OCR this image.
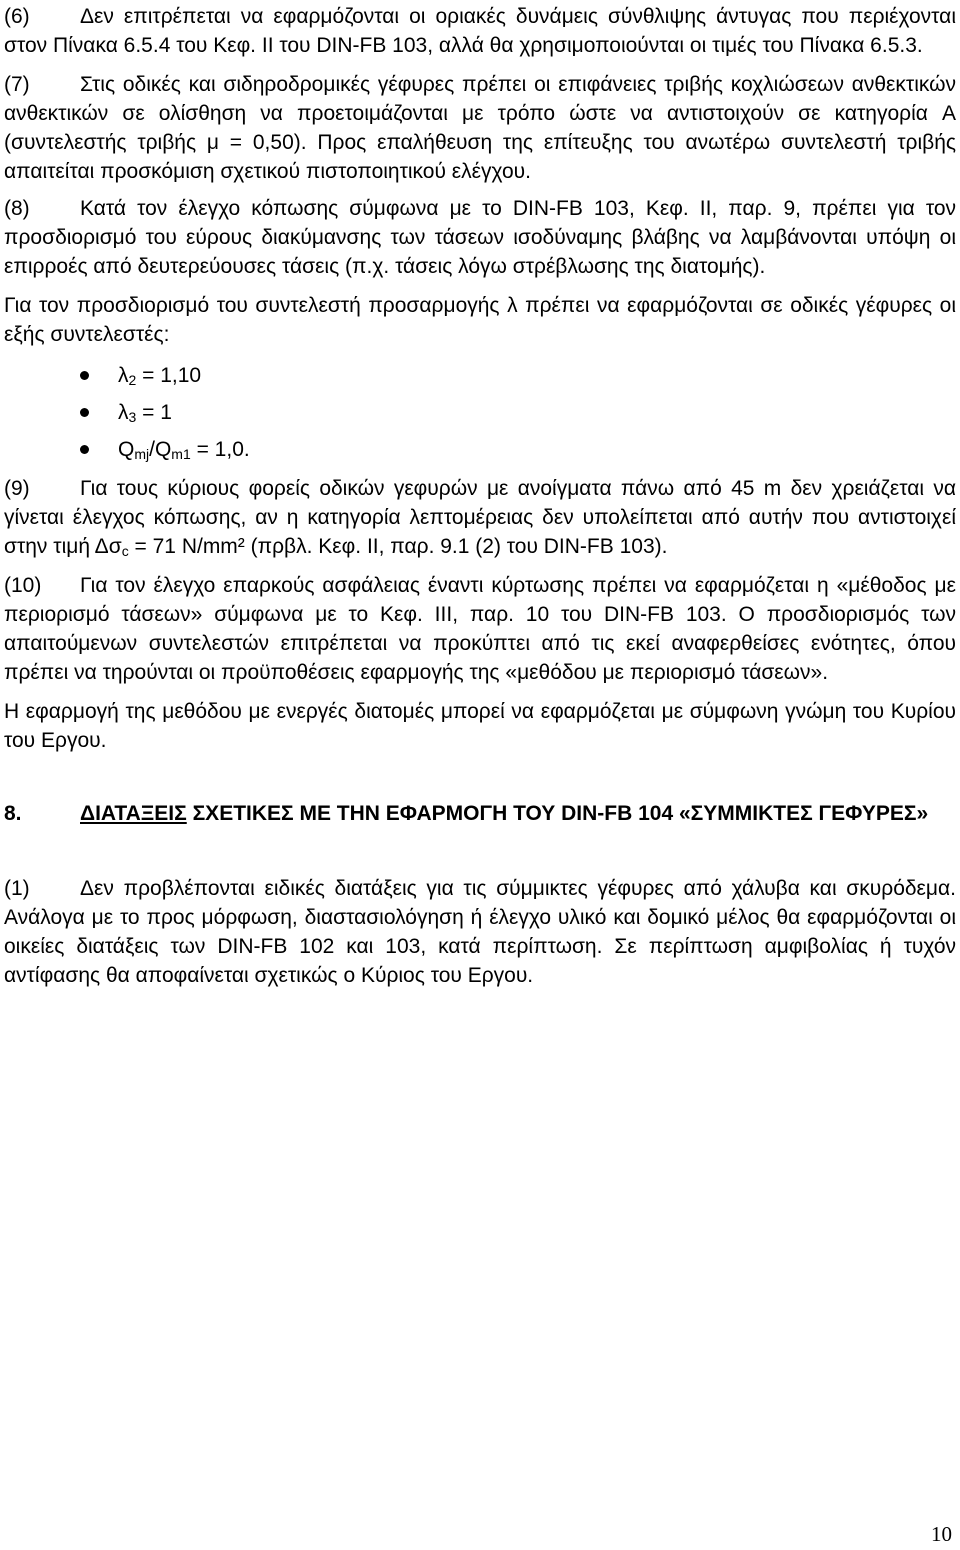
(6) Δεν επιτρέπεται να εφαρμόζονται οι οριακές δυνάμεις σύνθλιψης άντυγας που περιέχονται στον Πίνακα 6.5.4 του Κεφ. II του DIN-FB 103, αλλά θα χρησιμοποιούνται οι τιμές του Πίνακα 6.5.3.

(7) Στις οδικές και σιδηροδρομικές γέφυρες πρέπει οι επιφάνειες τριβής κοχλιώσεων ανθεκτικών ανθεκτικών σε ολίσθηση να προετοιμάζονται με τρόπο ώστε να αντιστοιχούν σε κατηγορία A (συντελεστής τριβής μ = 0,50). Προς επαλήθευση της επίτευξης του ανωτέρω συντελεστή τριβής απαιτείται προσκόμιση σχετικού πιστοποιητικού ελέγχου.

(8) Κατά τον έλεγχο κόπωσης σύμφωνα με το DIN-FB 103, Κεφ. II, παρ. 9, πρέπει για τον προσδιορισμό του εύρους διακύμανσης των τάσεων ισοδύναμης βλάβης να λαμβάνονται υπόψη οι επιρροές από δευτερεύουσες τάσεις (π.χ. τάσεις λόγω στρέβλωσης της διατομής).

Για τον προσδιορισμό του συντελεστή προσαρμογής λ πρέπει να εφαρμόζονται σε οδικές γέφυρες οι εξής συντελεστές:

$\lambda_2 = 1,10$
$\lambda_3 = 1$
$Q_{mj}/Q_{m1} = 1,0$.

(9) Για τους κύριους φορείς οδικών γεφυρών με ανοίγματα πάνω από 45 m δεν χρειάζεται να γίνεται έλεγχος κόπωσης, αν η κατηγορία λεπτομέρειας δεν υπολείπεται από αυτήν που αντιστοιχεί στην τιμή $\Delta\sigma_c = 71$ N/mm² (πρβλ. Κεφ. II, παρ. 9.1 (2) του DIN-FB 103).

(10) Για τον έλεγχο επαρκούς ασφάλειας έναντι κύρτωσης πρέπει να εφαρμόζεται η «μέθοδος με περιορισμό τάσεων» σύμφωνα με το Κεφ. III, παρ. 10 του DIN-FB 103. Ο προσδιορισμός των απαιτούμενων συντελεστών επιτρέπεται να προκύπτει από τις εκεί αναφερθείσες ενότητες, όπου πρέπει να τηρούνται οι προϋποθέσεις εφαρμογής της «μεθόδου με περιορισμό τάσεων».

Η εφαρμογή της μεθόδου με ενεργές διατομές μπορεί να εφαρμόζεται με σύμφωνη γνώμη του Κυρίου του Εργου.

8.	ΔΙΑΤΑΞΕΙΣ ΣΧΕΤΙΚΕΣ ΜΕ ΤΗΝ ΕΦΑΡΜΟΓΗ ΤΟΥ DIN-FB 104 «ΣΥΜΜΙΚΤΕΣ ΓΕΦΥΡΕΣ»

(1) Δεν προβλέπονται ειδικές διατάξεις για τις σύμμικτες γέφυρες από χάλυβα και σκυρόδεμα. Ανάλογα με το προς μόρφωση, διαστασιολόγηση ή έλεγχο υλικό και δομικό μέλος θα εφαρμόζονται οι οικείες διατάξεις των DIN-FB 102 και 103, κατά περίπτωση. Σε περίπτωση αμφιβολίας ή τυχόν αντίφασης θα αποφαίνεται σχετικώς ο Κύριος του Εργου.

10
